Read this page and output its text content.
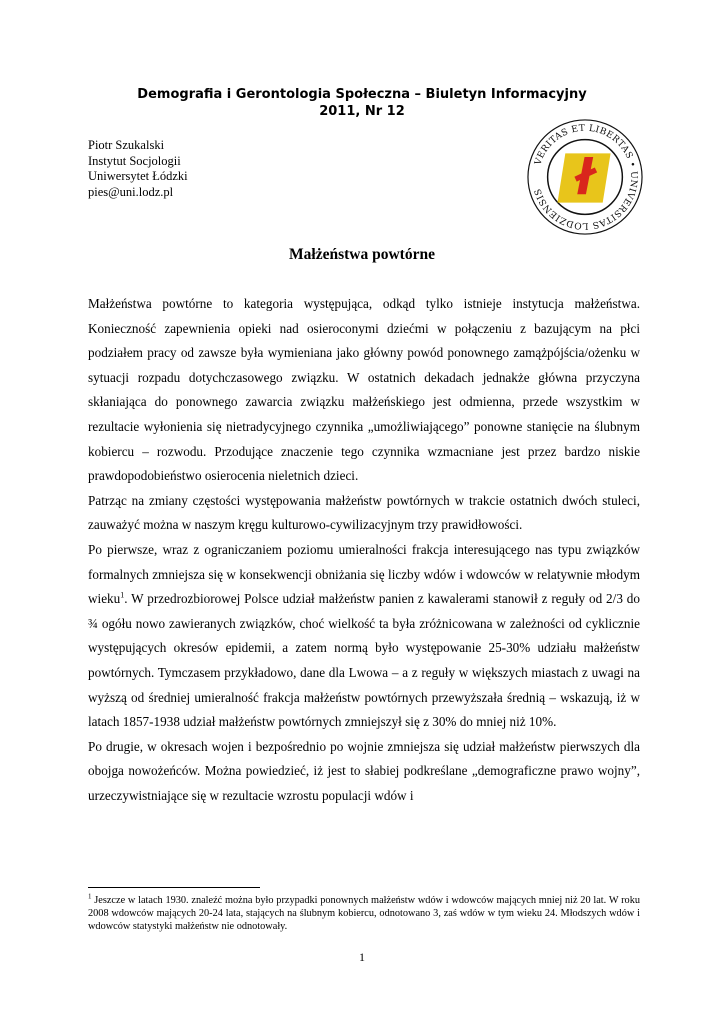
Demografia i Gerontologia Społeczna – Biuletyn Informacyjny
2011, Nr 12
Piotr Szukalski
Instytut Socjologii
Uniwersytet Łódzki
pies@uni.lodz.pl
VERITAS ET LIBERTAS • UNIVERSITAS LODZIENSIS ł
Małżeństwa powtórne

Małżeństwa powtórne to kategoria występująca, odkąd tylko istnieje instytucja małżeństwa. Konieczność zapewnienia opieki nad osieroconymi dziećmi w połączeniu z bazującym na płci podziałem pracy od zawsze była wymieniana jako główny powód ponownego zamążpójścia/ożenku w sytuacji rozpadu dotychczasowego związku. W ostatnich dekadach jednakże główna przyczyna skłaniająca do ponownego zawarcia związku małżeńskiego jest odmienna, przede wszystkim w rezultacie wyłonienia się nietradycyjnego czynnika „umożliwiającego” ponowne stanięcie na ślubnym kobiercu – rozwodu. Przodujące znaczenie tego czynnika wzmacniane jest przez bardzo niskie prawdopodobieństwo osierocenia nieletnich dzieci.

Patrząc na zmiany częstości występowania małżeństw powtórnych w trakcie ostatnich dwóch stuleci, zauważyć można w naszym kręgu kulturowo-cywilizacyjnym trzy prawidłowości.

Po pierwsze, wraz z ograniczaniem poziomu umieralności frakcja interesującego nas typu związków formalnych zmniejsza się w konsekwencji obniżania się liczby wdów i wdowców w relatywnie młodym wieku$^1$. W przedrozbiorowej Polsce udział małżeństw panien z kawalerami stanowił z reguły od 2/3 do ¾ ogółu nowo zawieranych związków, choć wielkość ta była zróżnicowana w zależności od cyklicznie występujących okresów epidemii, a zatem normą było występowanie 25-30% udziału małżeństw powtórnych. Tymczasem przykładowo, dane dla Lwowa – a z reguły w większych miastach z uwagi na wyższą od średniej umieralność frakcja małżeństw powtórnych przewyższała średnią – wskazują, iż w latach 1857-1938 udział małżeństw powtórnych zmniejszył się z 30% do mniej niż 10%.

Po drugie, w okresach wojen i bezpośrednio po wojnie zmniejsza się udział małżeństw pierwszych dla obojga nowożeńców. Można powiedzieć, iż jest to słabiej podkreślane „demograficzne prawo wojny”, urzeczywistniające się w rezultacie wzrostu populacji wdów i

$^1$ Jeszcze w latach 1930. znaleźć można było przypadki ponownych małżeństw wdów i wdowców mających mniej niż 20 lat. W roku 2008 wdowców mających 20-24 lata, stających na ślubnym kobiercu, odnotowano 3, zaś wdów w tym wieku 24. Młodszych wdów i wdowców statystyki małżeństw nie odnotowały.
1
